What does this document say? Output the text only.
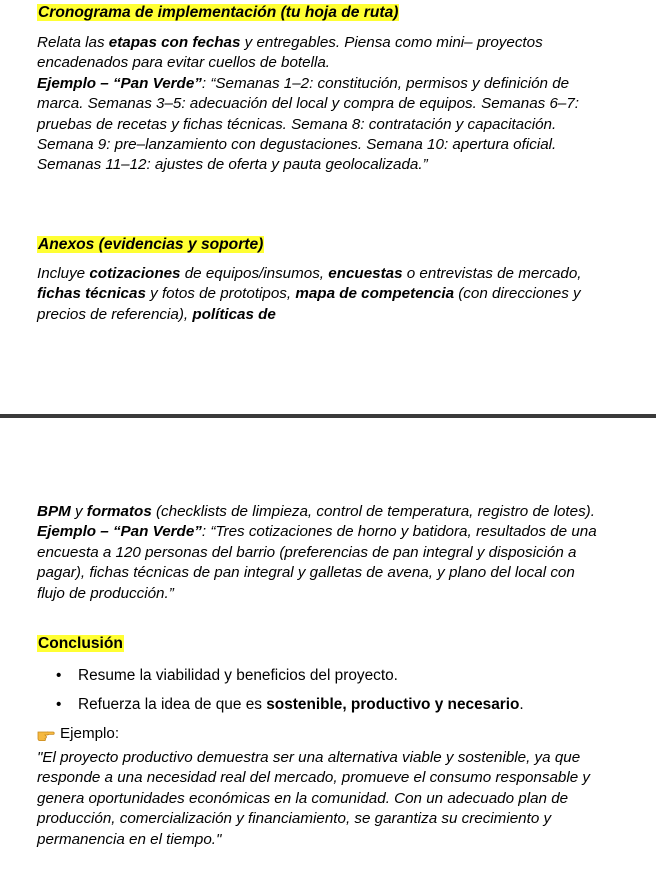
Cronograma de implementación (tu hoja de ruta)
Relata las etapas con fechas y entregables. Piensa como mini– proyectos encadenados para evitar cuellos de botella.
Ejemplo – “Pan Verde”: “Semanas 1–2: constitución, permisos y definición de marca. Semanas 3–5: adecuación del local y compra de equipos. Semanas 6–7: pruebas de recetas y fichas técnicas. Semana 8: contratación y capacitación. Semana 9: pre–lanzamiento con degustaciones. Semana 10: apertura oficial. Semanas 11–12: ajustes de oferta y pauta geolocalizada.”
Anexos (evidencias y soporte)
Incluye cotizaciones de equipos/insumos, encuestas o entrevistas de mercado, fichas técnicas y fotos de prototipos, mapa de competencia (con direcciones y precios de referencia), políticas de
BPM y formatos (checklists de limpieza, control de temperatura, registro de lotes).
Ejemplo – “Pan Verde”: “Tres cotizaciones de horno y batidora, resultados de una encuesta a 120 personas del barrio (preferencias de pan integral y disposición a pagar), fichas técnicas de pan integral y galletas de avena, y plano del local con flujo de producción.”
Conclusión
• Resume la viabilidad y beneficios del proyecto.
• Refuerza la idea de que es sostenible, productivo y necesario.
Ejemplo:
"El proyecto productivo demuestra ser una alternativa viable y sostenible, ya que responde a una necesidad real del mercado, promueve el consumo responsable y genera oportunidades económicas en la comunidad. Con un adecuado plan de producción, comercialización y financiamiento, se garantiza su crecimiento y permanencia en el tiempo."
